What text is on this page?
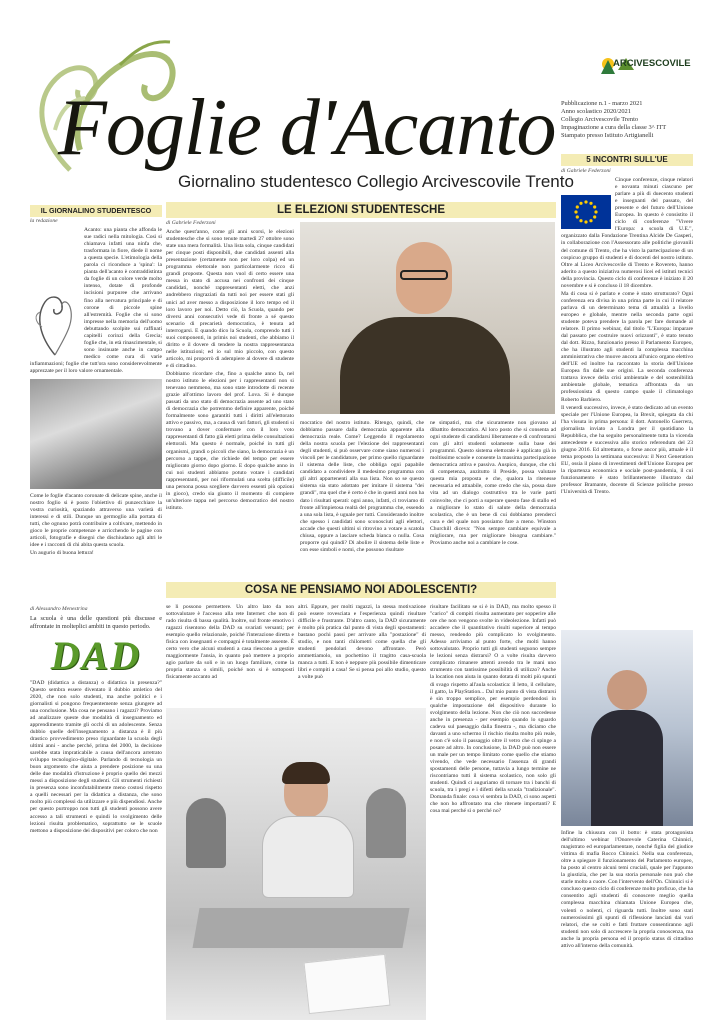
Foglie d'Acanto
Giornalino studentesco Collegio Arcivescovile Trento
ARCIVESCOVILE
Pubblicazione n.1 - marzo 2021
Anno scolastico 2020/2021
Collegio Arcivescovile Trento
Impaginazione a cura della classe 3^ ITT
Stampato presso Istituto Artigianelli
IL GIORNALINO STUDENTESCO
la redazione

Acanto: una pianta che affonda le sue radici nella mitologia. Così si chiamava infatti una ninfa che, trasformata in fiore, diede il nome a questa specie. L'etimologia della parola ci riconduce a 'spina': la pianta dell'acanto è contraddistinta da foglie di un colore verde molto intenso, dotate di profonde incisioni purpuree che arrivano fino alla nervatura principale e di corone di piccole spine all'estremità. Foglie che si sono impresse nella memoria dell'uomo debuttando scolpite sui raffinati capitelli corinzi della Grecia; foglie che, in età rinascimentale, si sono insinuate anche in campo medico come cura di varie infiammazioni; foglie che tutt'ora sono considerevolmente apprezzate per il loro valore ornamentale.

Come le foglie d'acanto coronate di delicate spine, anche il nostro foglio si è posto l'obiettivo di punzecchiare la vostra curiosità, spaziando attraverso una varietà di interessi e di stili. Dunque un germoglio alla portata di tutti, che ognuno potrà contribuire a coltivare, mettendo in gioco le proprie competenze e arricchendo le pagine con articoli, fotografie e disegni che dischiudano agli altri le idee e i racconti di chi abita questa scuola.

Un augurio di buona lettura!

LE ELEZIONI STUDENTESCHE
di Gabriele Federzoni

Anche quest'anno, come gli anni scorsi, le elezioni studentesche che si sono tenute martedì 27 ottobre sono state una mera formalità. Una lista sola, cinque candidati per cinque posti disponibili, due candidati assenti alla presentazione (certamente non per loro colpa) ed un programma elettorale non particolarmente ricco di grandi proposte. Questa non vuol di certo essere una messa in stato di accusa nei confronti dei cinque candidati, nonché rappresentanti eletti, che anzi andrebbero ringraziati da tutti noi per essere stati gli unici ad aver messo a disposizione il loro tempo ed il loro lavoro per noi. Detto ciò, la Scuola, quando per diversi anni consecutivi vede di fronte a sé questo scenario di precarietà democratica, è tenuta ad interrogarsi. E quando dico la Scuola, comprendo tutti i suoi componenti, in primis noi studenti, che abbiamo il diritto e il dovere di tendere la nostra rappresentanza nelle istituzioni; ed io sul mio piccolo, con questo articolo, mi proporrò di adempiere al dovere di studente e di cittadino.

Dobbiamo ricordare che, fino a qualche anno fa, nel nostro istituto le elezioni per i rappresentanti non si tenevano nemmeno, ma sono state introdotte di recente grazie all'ottimo lavoro del prof. Lova. Si è dunque passati da uno stato di democrazia assente ad uno stato di democrazia che potremmo definire apparente, poiché formalmente sono garantiti tutti i diritti all'elettorato attivo e passivo, ma, a causa di vari fattori, gli studenti si trovano a dover confermare con il loro voto rappresentanti di fatto già eletti prima delle consultazioni elettorali. Ma questo è normale, poiché in tutti gli organismi, grandi o piccoli che siano, la democrazia è un percorso a tappe, che richiede del tempo per essere migliorato giorno dopo giorno. E dopo qualche anno in cui noi studenti abbiamo potuto votare i candidati rappresentanti, per noi riformulati una scelta (difficile) una persona possa scegliere davvero essenti più opzioni in gioco), credo sia giunto il momento di compiere un'ulteriore tappa nel percorso democratico del nostro istituto.

mocratico del nostro istituto. Ritengo, quindi, che dobbiamo passare dalla democrazia apparente alla democrazia reale. Come? Leggendo il regolamento della nostra scuola per l'elezione dei rappresentanti degli studenti, si può osservare come siano numerosi i vincoli per le candidature, per primo quello riguardante il sistema delle liste, che obbliga ogni papabile candidato a condividere il medesimo programma con gli altri appartenenti alla sua lista. Non so se questo sistema sia stato adottato per imitare il sistema "dei grandi", ma quel che è certo è che in questi anni non ha dato i risultati sperati: ogni anno, infatti, ci troviamo di fronte all'impietosa realtà del programma che, essendo a una sola lista, è uguale per tutti. Considerando inoltre che spesso i candidati sono sconosciuti agli elettori, accade che questi ultimi si ritrovino a votare a scatola chiusa, oppure a lasciare scheda bianca o nulla. Cosa proporre qui quindi? Di abolire il sistema delle liste e con esse simboli e nomi, che possono risultare

ne simpatici, ma che sicuramente non giovano al dibattito democratico. Al loro posto che si consenta ad ogni studente di candidarsi liberamente e di confrontarsi con gli altri studenti solamente sulla base dei programmi. Questo sistema elettorale è applicato già in moltissime scuole e consente la massima partecipazione democratica attiva e passiva. Auspico, dunque, che chi di competenza, anzitutto il Preside, possa valutare questa mia proposta e che, qualora la ritenesse necessaria ed attuabile, come credo che sia, possa dare vita ad un dialogo costruttivo tra le varie parti coinvolte, che ci porti a superare questo fase di stallo ed a migliorare lo stato di salute della democrazia scolastica, che è un bene di cui dobbiamo prenderci cura e del quale non possiamo fare a meno. Winston Churchill diceva: "Non sempre cambiare equivale a migliorare, ma per migliorare bisogna cambiare." Proviamo anche noi a cambiare le cose.

5 INCONTRI SULL'UE
di Gabriele Federzoni

Cinque conferenze, cinque relatori e novanta minuti ciascuno per parlare a più di duecento studenti e insegnanti del passato, del presente e del futuro dell'Unione Europea. In questo è consistito il ciclo di conferenze "Vivere l'Europa: a scuola di U.E.", organizzato dalla Fondazione Trentina Alcide De Gasperi, in collaborazione con l'Assessorato alle politiche giovanili del comune di Trento, che ha visto la partecipazione di un cospicuo gruppo di studenti e di docenti del nostro istituto. Oltre al Liceo Arcivescovile di Trento e Rovereto, hanno aderito a questo iniziativa numerosi licei ed istituti tecnici della provincia. Questo ciclo di conferenze è iniziato il 20 novembre e si è concluso il 18 dicembre.

Ma di cosa si è parlato e come è stato strutturato? Ogni conferenza era divisa in una prima parte in cui il relatore parlava di un determinato tema di attualità a livello europeo e globale, mentre nella seconda parte ogni studente poteva prendere la parola per fare domande al relatore. Il primo webinar, dal titolo "L'Europa: imparare dal passato per costruire nuovi orizzonti", è stato tenuto dal dott. Rizzo, funzionario presso il Parlamento Europeo, che ha illustrato agli studenti la complessa macchina amministrativa che muove ancora all'unico organo elettivo dell'UE ed inoltre ha raccontato la storia dell'Unione Europea fin dalle sue origini. La seconda conferenza trattava invece della crisi ambientale e del sostenibilità ambientale globale, tematica affrontata da un professionista di questo campo quale il climatologo Roberto Barbiero.

Il venerdì successivo, invece, è stato dedicato ad un evento speciale per l'Unione Europea, la Brexit, spiegata da chi l'ha vissuta in prima persona: il dott. Antonello Guerrera, giornalista inviato a Londra per il quotidiano la Repubblica, che ha seguito personalmente tutta la vicenda antecedente e successiva allo storico referendum del 23 giugno 2016. Ed altrettanto, o forse ancor più, attuale è il tema proposto la settimana successiva: il Next Generation EU, ossia il piano di investimenti dell'Unione Europea per la ripartenza economica e sociale post-pandemia, il cui funzionamento è stato brillantemente illustrato dal professor Bramante, docente di Scienze politiche presso l'Università di Trento.

Infine la chiusura con il botto: è stata protagonista dell'ultimo webinar l'Onorevole Caterina Chinnici, magistrato ed europarlamentare, nonché figlia del giudice vittima di mafia Rocco Chinnici. Nella sua conferenza, oltre a spiegare il funzionamento del Parlamento europeo, ha posto al centro alcuni temi cruciali, quale per l'appunto la giustizia, che per la sua storia personale non può che starle molto a cuore. Con l'intervento dell'On. Chinnici si è concluso questo ciclo di conferenze molto proficuo, che ha consentito agli studenti di conoscere meglio quella complessa macchina chiamata Unione Europea che, volenti o nolenti, ci riguarda tutti. Inoltre sono stati numerosissimi gli spunti di riflessione lanciati dai vari relatori, che se colti e fatti fruttare consentiranno agli studenti non solo di accrescere la propria conoscenza, ma anche la propria persona ed il proprio status di cittadino attivo all'interno della comunità.

COSA NE PENSIAMO NOI ADOLESCENTI?
di Alessandro Menestrina

La scuola è una delle questioni più discusse e affrontate in molteplici ambiti in questo periodo.

DAD

"DAD (didattica a distanza) o didattica in presenza?" Questo sembra essere diventato il dubbio amletico del 2020, che non solo studenti, ma anche politici e i giornalisti si pongono frequentemente senza giungere ad una conclusione. Ma cosa ne pensano i ragazzi? Proviamo ad analizzare queste due modalità di insegnamento ed apprendimento tramite gli occhi di un adolescente. Senza dubbio quelle dell'insegnamento a distanza è il più drastico provvedimento preso riguardante la scuola degli ultimi anni - anche perché, prima del 2000, la decisione sarebbe stata impraticabile a causa dell'ancora arretrato sviluppo tecnologico-digitale. Parlando di tecnologia un buon argomento che aiuta a prendere posizione su una delle due modalità d'istruzione è proprio quello dei mezzi messi a disposizione degli studenti. Gli strumenti richiesti in presenza sono inconfutabilmente meno costosi rispetto a quelli necessari per la didattica a distanza, che sono molto più complessi da utilizzare e più dispendiosi. Anche per questo purtroppo non tutti gli studenti possono avere accesso a tali strumenti e quindi lo svolgimento delle lezioni risulta problematico, soprattutto se le scuole mettono a disposizione dei dispositivi per coloro che non

se li possono permettere. Un altro lato da non sottovalutare è l'accesso alla rete Internet: che non di rado risulta di bassa qualità. Inoltre, sul fronte emotivo i ragazzi risentono della DAD su svariati versanti; per esempio quello relazionale, poiché l'interazione diretta e fisica con insegnanti e compagni è totalmente assente. È certo vero che alcuni studenti a casa riescono a gestire maggiormente l'ansia, in quanto può mettere a proprio agio parlare da soli e in un luogo familiare, come la propria stanza o simili, poiché non si è sottoposti fisicamente accanto ad

altri. Eppure, per molti ragazzi, la stessa motivazione può essere rovesciata e l'esperienza quindi risultare difficile e frustrante. D'altro canto, la DAD sicuramente è molto più pratica dal punto di vista degli spostamenti: bastano pochi passi per arrivare alla "postazione" di studio, e non tanti chilometri come quella che gli studenti pendolari devono affrontare. Però ammettiamolo, un pochettino il tragitto casa-scuola manca a tutti. E non è neppure più possibile dimenticare libri e compiti a casa! Se si pensa poi allo studio, questo a volte può

risultare facilitato se si è in DAD, ma molto spesso il "carico" di compiti risulta aumentato per sopperire alle ore che non vengono svolte in videolezione. Infatti può accadere che il quantitativo risulti superiore al tempo messo, rendendo più complicato lo svolgimento. Adesso arriviamo al punto forte, che molti hanno sottovalutato. Proprio tutti gli studenti seguono sempre le lezioni senza distrarsi? O a volte risulta davvero complicato rimanere attenti avendo tra le mani uno strumento con tantissime possibilità di utilizzo? Anche la location non aiuta in quanto dotata di molti più spunti di svago rispetto all'aula scolastica: il letto, il cellulare, il gatto, la PlayStation... Dal mio punto di vista distrarsi è sin troppo semplice, per esempio perdendosi in qualche impostazione del dispositivo durante lo svolgimento della lezione. Non che ciò non succedesse anche in presenza - per esempio quando lo sguardo cadeva sul paesaggio dalla finestra -, ma diciamo che davanti a uno schermo il rischio risulta molto più reale, e non c'è solo il passaggio oltre il vetro che ci spinge a posare ad altro. In conclusione, la DAD può non essere un male per un tempo limitato come quello che stiamo vivendo, che vede necessario l'assenza di grandi spostamenti delle persone, tuttavia a lungo termine ne riscontriamo tutti il sistema scolastico, non solo gli studenti. Quindi ci auguriamo di tornare tra i banchi di scuola, tra i pregi e i difetti della scuola "tradizionale". Domanda finale: cosa vi sembra la DAD, ci sono aspetti che non ho affrontato ma che ritenete importanti? E cosa mai perché sì o perché no?
